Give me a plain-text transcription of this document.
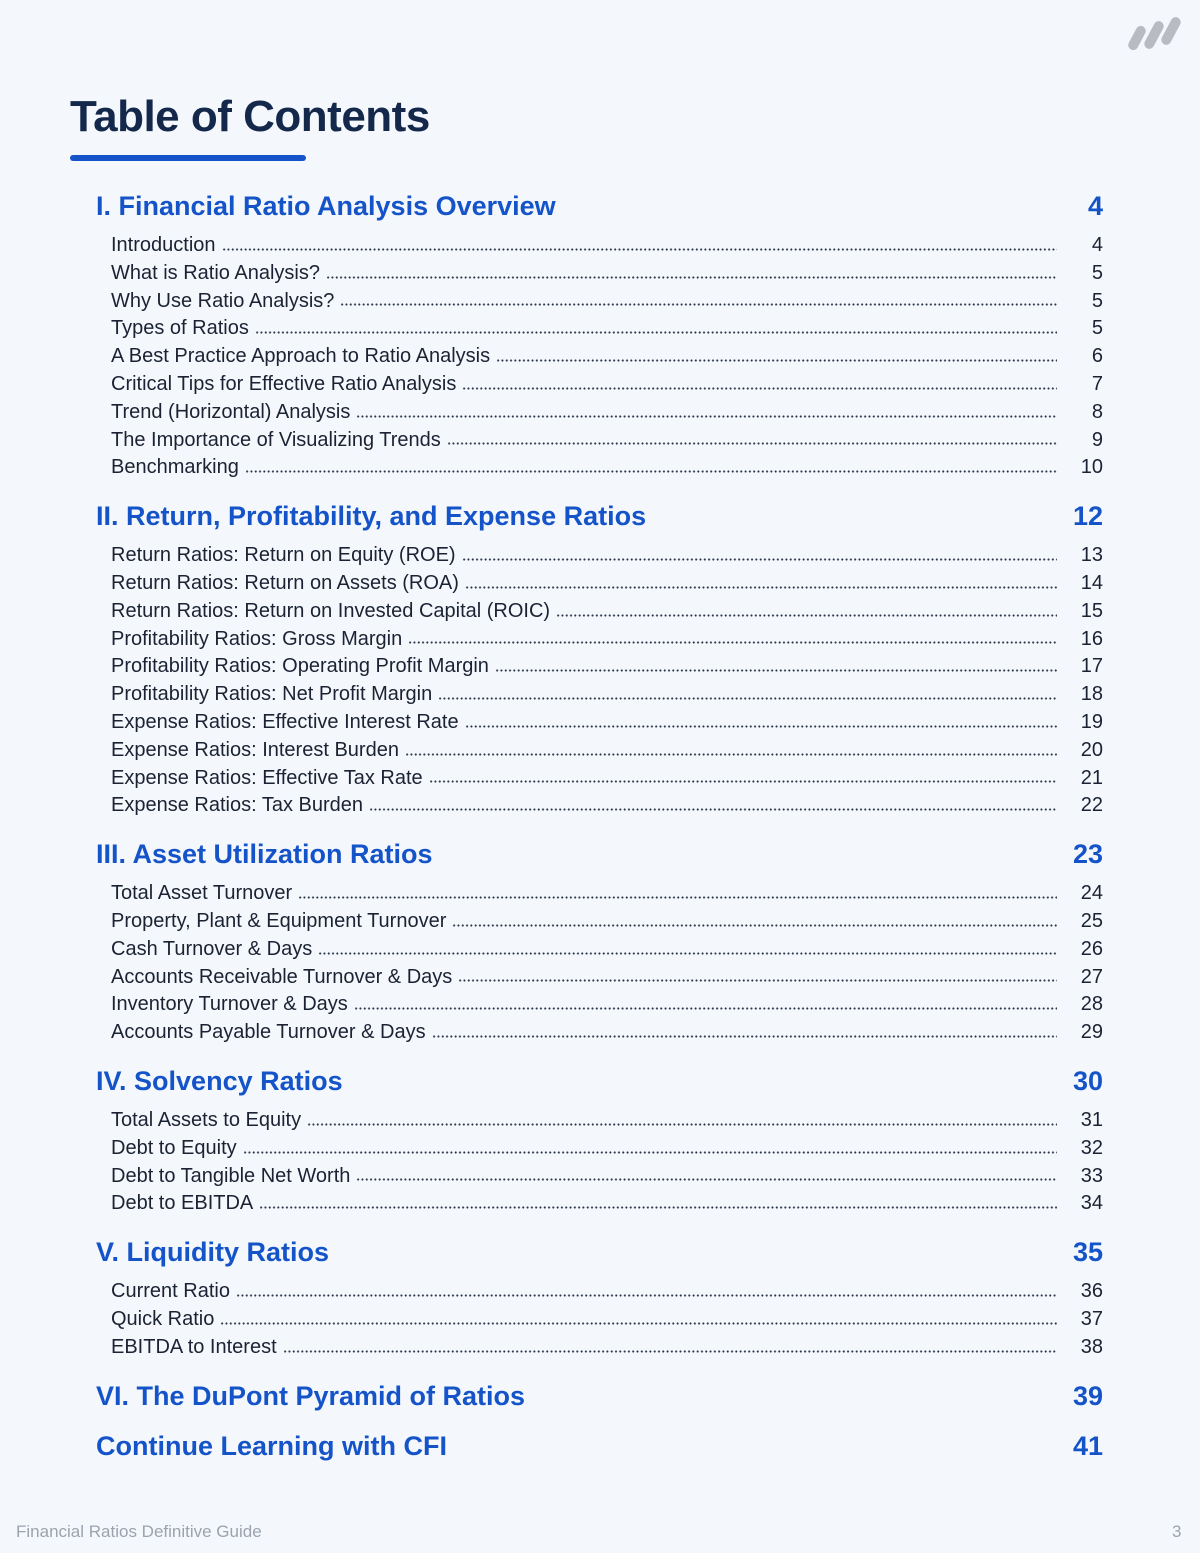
Table of Contents
I. Financial Ratio Analysis Overview	4
Introduction	4
What is Ratio Analysis?	5
Why Use Ratio Analysis?	5
Types of Ratios	5
A Best Practice Approach to Ratio Analysis	6
Critical Tips for Effective Ratio Analysis	7
Trend (Horizontal) Analysis	8
The Importance of Visualizing Trends	9
Benchmarking	10
II. Return, Profitability, and Expense Ratios	12
Return Ratios: Return on Equity (ROE)	13
Return Ratios: Return on Assets (ROA)	14
Return Ratios: Return on Invested Capital (ROIC)	15
Profitability Ratios: Gross Margin	16
Profitability Ratios: Operating Profit Margin	17
Profitability Ratios: Net Profit Margin	18
Expense Ratios: Effective Interest Rate	19
Expense Ratios: Interest Burden	20
Expense Ratios: Effective Tax Rate	21
Expense Ratios: Tax Burden	22
III. Asset Utilization Ratios	23
Total Asset Turnover	24
Property, Plant & Equipment Turnover	25
Cash Turnover & Days	26
Accounts Receivable Turnover & Days	27
Inventory Turnover & Days	28
Accounts Payable Turnover & Days	29
IV. Solvency Ratios	30
Total Assets to Equity	31
Debt to Equity	32
Debt to Tangible Net Worth	33
Debt to EBITDA	34
V. Liquidity Ratios	35
Current Ratio	36
Quick Ratio	37
EBITDA to Interest	38
VI. The DuPont Pyramid of Ratios	39
Continue Learning with CFI	41
Financial Ratios Definitive Guide	3
